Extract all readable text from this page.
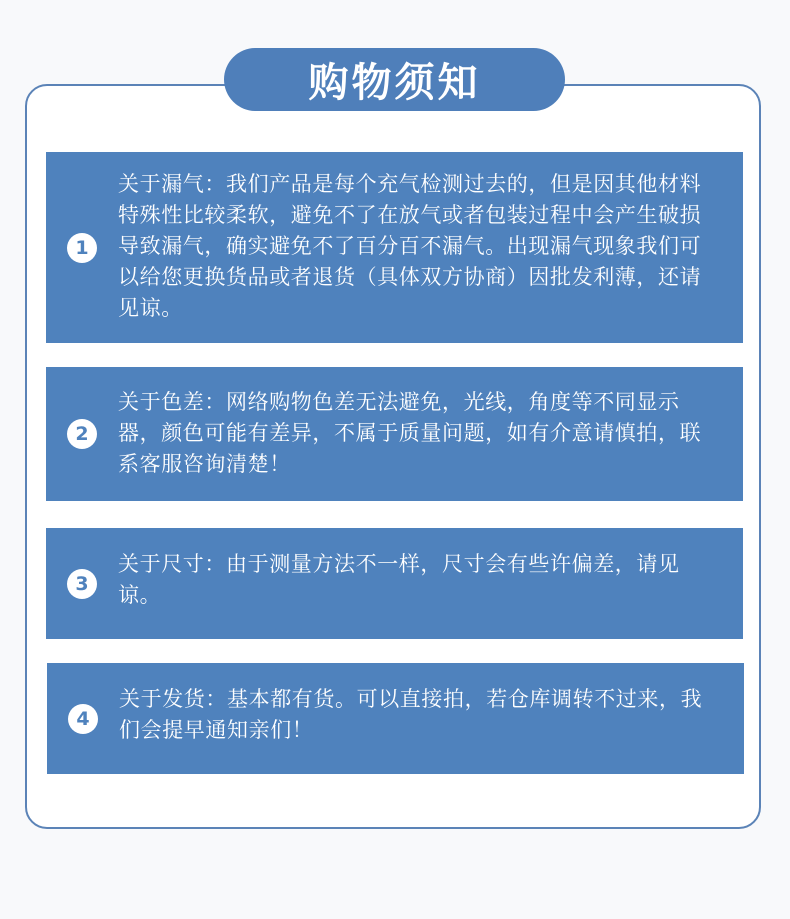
购物须知
1
关于漏气：我们产品是每个充气检测过去的，但是因其他材料特殊性比较柔软，避免不了在放气或者包装过程中会产生破损导致漏气，确实避免不了百分百不漏气。出现漏气现象我们可以给您更换货品或者退货（具体双方协商）因批发利薄，还请见谅。
2
关于色差：网络购物色差无法避免，光线，角度等不同显示器，颜色可能有差异，不属于质量问题，如有介意请慎拍，联系客服咨询清楚！
3
关于尺寸：由于测量方法不一样，尺寸会有些许偏差，请见谅。
4
关于发货：基本都有货。可以直接拍，若仓库调转不过来，我们会提早通知亲们！
